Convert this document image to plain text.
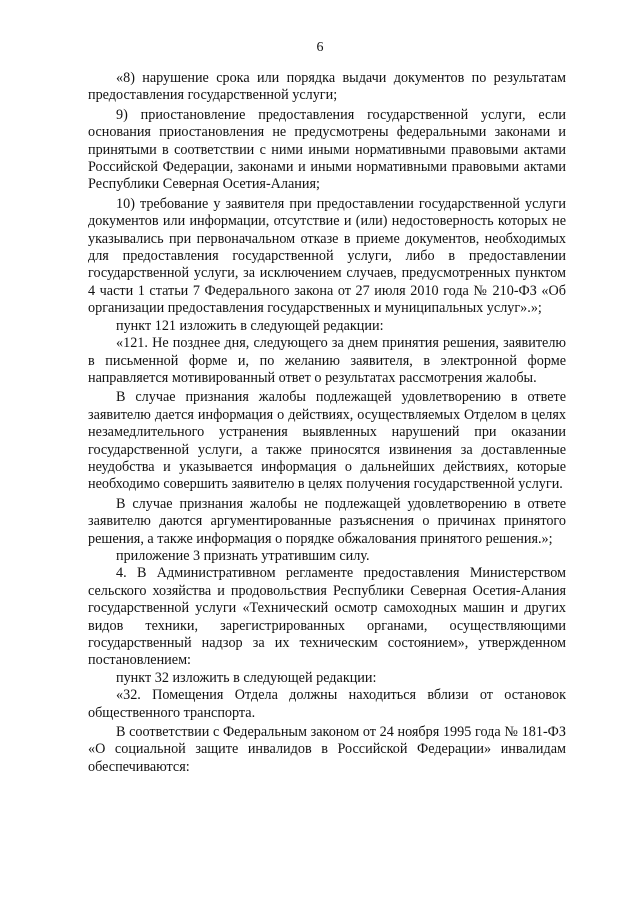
6

«8) нарушение срока или порядка выдачи документов по результатам предоставления государственной услуги;

9) приостановление предоставления государственной услуги, если основания приостановления не предусмотрены федеральными законами и принятыми в соответствии с ними иными нормативными правовыми актами Российской Федерации, законами и иными нормативными правовыми актами Республики Северная Осетия-Алания;

10) требование у заявителя при предоставлении государственной услуги документов или информации, отсутствие и (или) недостоверность которых не указывались при первоначальном отказе в приеме документов, необходимых для предоставления государственной услуги, либо в предоставлении государственной услуги, за исключением случаев, предусмотренных пунктом 4 части 1 статьи 7 Федерального закона от 27 июля 2010 года № 210-ФЗ «Об организации предоставления государственных и муниципальных услуг».»;

пункт 121 изложить в следующей редакции:

«121. Не позднее дня, следующего за днем принятия решения, заявителю в письменной форме и, по желанию заявителя, в электронной форме направляется мотивированный ответ о результатах рассмотрения жалобы.

В случае признания жалобы подлежащей удовлетворению в ответе заявителю дается информация о действиях, осуществляемых Отделом в целях незамедлительного устранения выявленных нарушений при оказании государственной услуги, а также приносятся извинения за доставленные неудобства и указывается информация о дальнейших действиях, которые необходимо совершить заявителю в целях получения государственной услуги.

В случае признания жалобы не подлежащей удовлетворению в ответе заявителю даются аргументированные разъяснения о причинах принятого решения, а также информация о порядке обжалования принятого решения.»;

приложение 3 признать утратившим силу.

4. В Административном регламенте предоставления Министерством сельского хозяйства и продовольствия Республики Северная Осетия-Алания государственной услуги «Технический осмотр самоходных машин и других видов техники, зарегистрированных органами, осуществляющими государственный надзор за их техническим состоянием», утвержденном постановлением:

пункт 32 изложить в следующей редакции:

«32. Помещения Отдела должны находиться вблизи от остановок общественного транспорта.

В соответствии с Федеральным законом от 24 ноября 1995 года № 181-ФЗ «О социальной защите инвалидов в Российской Федерации» инвалидам обеспечиваются:
